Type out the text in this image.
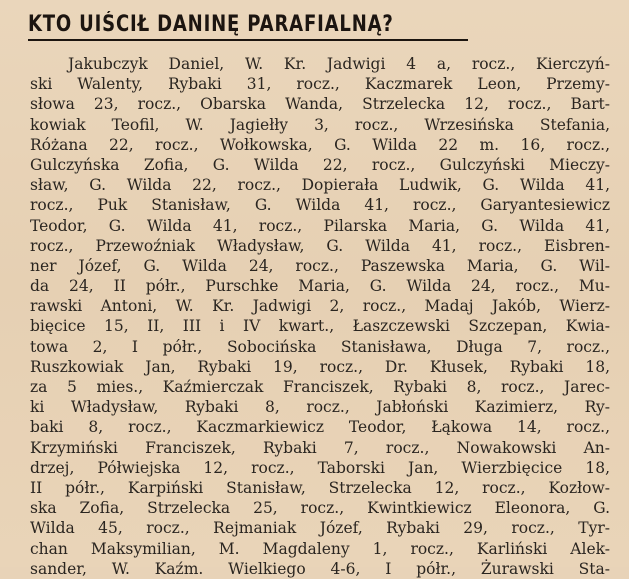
KTO UIŚCIŁ DANINĘ PARAFIALNĄ?
Jakubczyk Daniel, W. Kr. Jadwigi 4 a, rocz., Kierczyń-
ski Walenty, Rybaki 31, rocz., Kaczmarek Leon, Przemy-
słowa 23, rocz., Obarska Wanda, Strzelecka 12, rocz., Bart-
kowiak Teofil, W. Jagiełły 3, rocz., Wrzesińska Stefania,
Różana 22, rocz., Wołkowska, G. Wilda 22 m. 16, rocz.,
Gulczyńska Zofia, G. Wilda 22, rocz., Gulczyński Mieczy-
sław, G. Wilda 22, rocz., Dopierała Ludwik, G. Wilda 41,
rocz., Puk Stanisław, G. Wilda 41, rocz., Garyantesiewicz
Teodor, G. Wilda 41, rocz., Pilarska Maria, G. Wilda 41,
rocz., Przewoźniak Władysław, G. Wilda 41, rocz., Eisbren-
ner Józef, G. Wilda 24, rocz., Paszewska Maria, G. Wil-
da 24, II półr., Purschke Maria, G. Wilda 24, rocz., Mu-
rawski Antoni, W. Kr. Jadwigi 2, rocz., Madaj Jakób, Wierz-
bięcice 15, II, III i IV kwart., Łaszczewski Szczepan, Kwia-
towa 2, I półr., Sobocińska Stanisława, Długa 7, rocz.,
Ruszkowiak Jan, Rybaki 19, rocz., Dr. Kłusek, Rybaki 18,
za 5 mies., Kaźmierczak Franciszek, Rybaki 8, rocz., Jarec-
ki Władysław, Rybaki 8, rocz., Jabłoński Kazimierz, Ry-
baki 8, rocz., Kaczmarkiewicz Teodor, Łąkowa 14, rocz.,
Krzymiński Franciszek, Rybaki 7, rocz., Nowakowski An-
drzej, Półwiejska 12, rocz., Taborski Jan, Wierzbięcice 18,
II półr., Karpiński Stanisław, Strzelecka 12, rocz., Kozłow-
ska Zofia, Strzelecka 25, rocz., Kwintkiewicz Eleonora, G.
Wilda 45, rocz., Rejmaniak Józef, Rybaki 29, rocz., Tyr-
chan Maksymilian, M. Magdaleny 1, rocz., Karliński Alek-
sander, W. Kaźm. Wielkiego 4-6, I półr., Żurawski Sta-
